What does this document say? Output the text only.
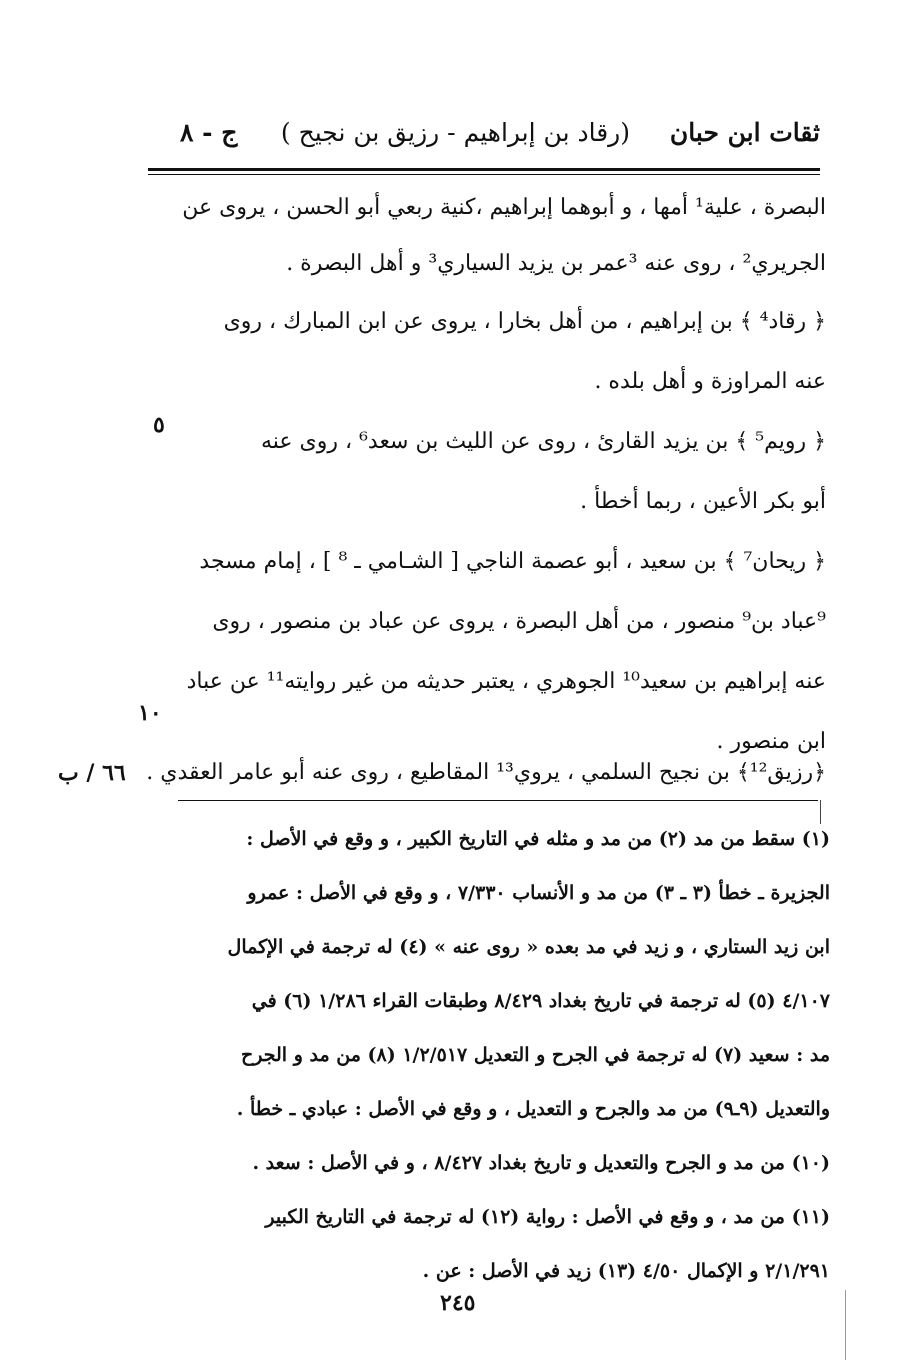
ثقات ابن حبان
(رقاد بن إبراهيم - رزيق بن نجيح )
ج - ٨
البصرة ، علية¹ أمها ، و أبوهما إبراهيم ،كنية ربعي أبو الحسن ، يروى عن
الجريري² ، روى عنه ³عمر بن يزيد السياري³ و أهل البصرة .
﴿ رقاد⁴ ﴾ بن إبراهيم ، من أهل بخارا ، يروى عن ابن المبارك ، روى
عنه المراوزة و أهل بلده .
﴿ رويم⁵ ﴾ بن يزيد القارئ ، روى عن الليث بن سعد⁶ ، روى عنه
أبو بكر الأعين ، ربما أخطأ .
﴿ ريحان⁷ ﴾ بن سعيد ، أبو عصمة الناجي [ الشـامي ـ ⁸ ] ، إمام مسجد
⁹عباد بن⁹ منصور ، من أهل البصرة ، يروى عن عباد بن منصور ، روى
عنه إبراهيم بن سعيد¹⁰ الجوهري ، يعتبر حديثه من غير روايته¹¹ عن عباد
ابن منصور .
٥
١٠
﴿رزيق¹²﴾ بن نجيح السلمي ، يروي¹³ المقاطيع ، روى عنه أبو عامر العقدي .
٦٦ / ب
(١) سقط من مد (٢) من مد و مثله في التاريخ الكبير ، و وقع في الأصل :
الجزيرة ـ خطأ (٣ ـ ٣) من مد و الأنساب ٧/٣٣٠ ، و وقع في الأصل : عمرو
ابن زيد الستاري ، و زيد في مد بعده « روى عنه » (٤) له ترجمة في الإكمال
٤/١٠٧ (٥) له ترجمة في تاريخ بغداد ٨/٤٢٩ وطبقات القراء ١/٢٨٦ (٦) في
مد : سعيد (٧) له ترجمة في الجرح و التعديل ١/٢/٥١٧ (٨) من مد و الجرح
والتعديل (٩ـ٩) من مد والجرح و التعديل ، و وقع في الأصل : عبادي ـ خطأ .
(١٠) من مد و الجرح والتعديل و تاريخ بغداد ٨/٤٢٧ ، و في الأصل : سعد .
(١١) من مد ، و وقع في الأصل : رواية (١٢) له ترجمة في التاريخ الكبير
٢/١/٢٩١ و الإكمال ٤/٥٠ (١٣) زيد في الأصل : عن .
٢٤٥
